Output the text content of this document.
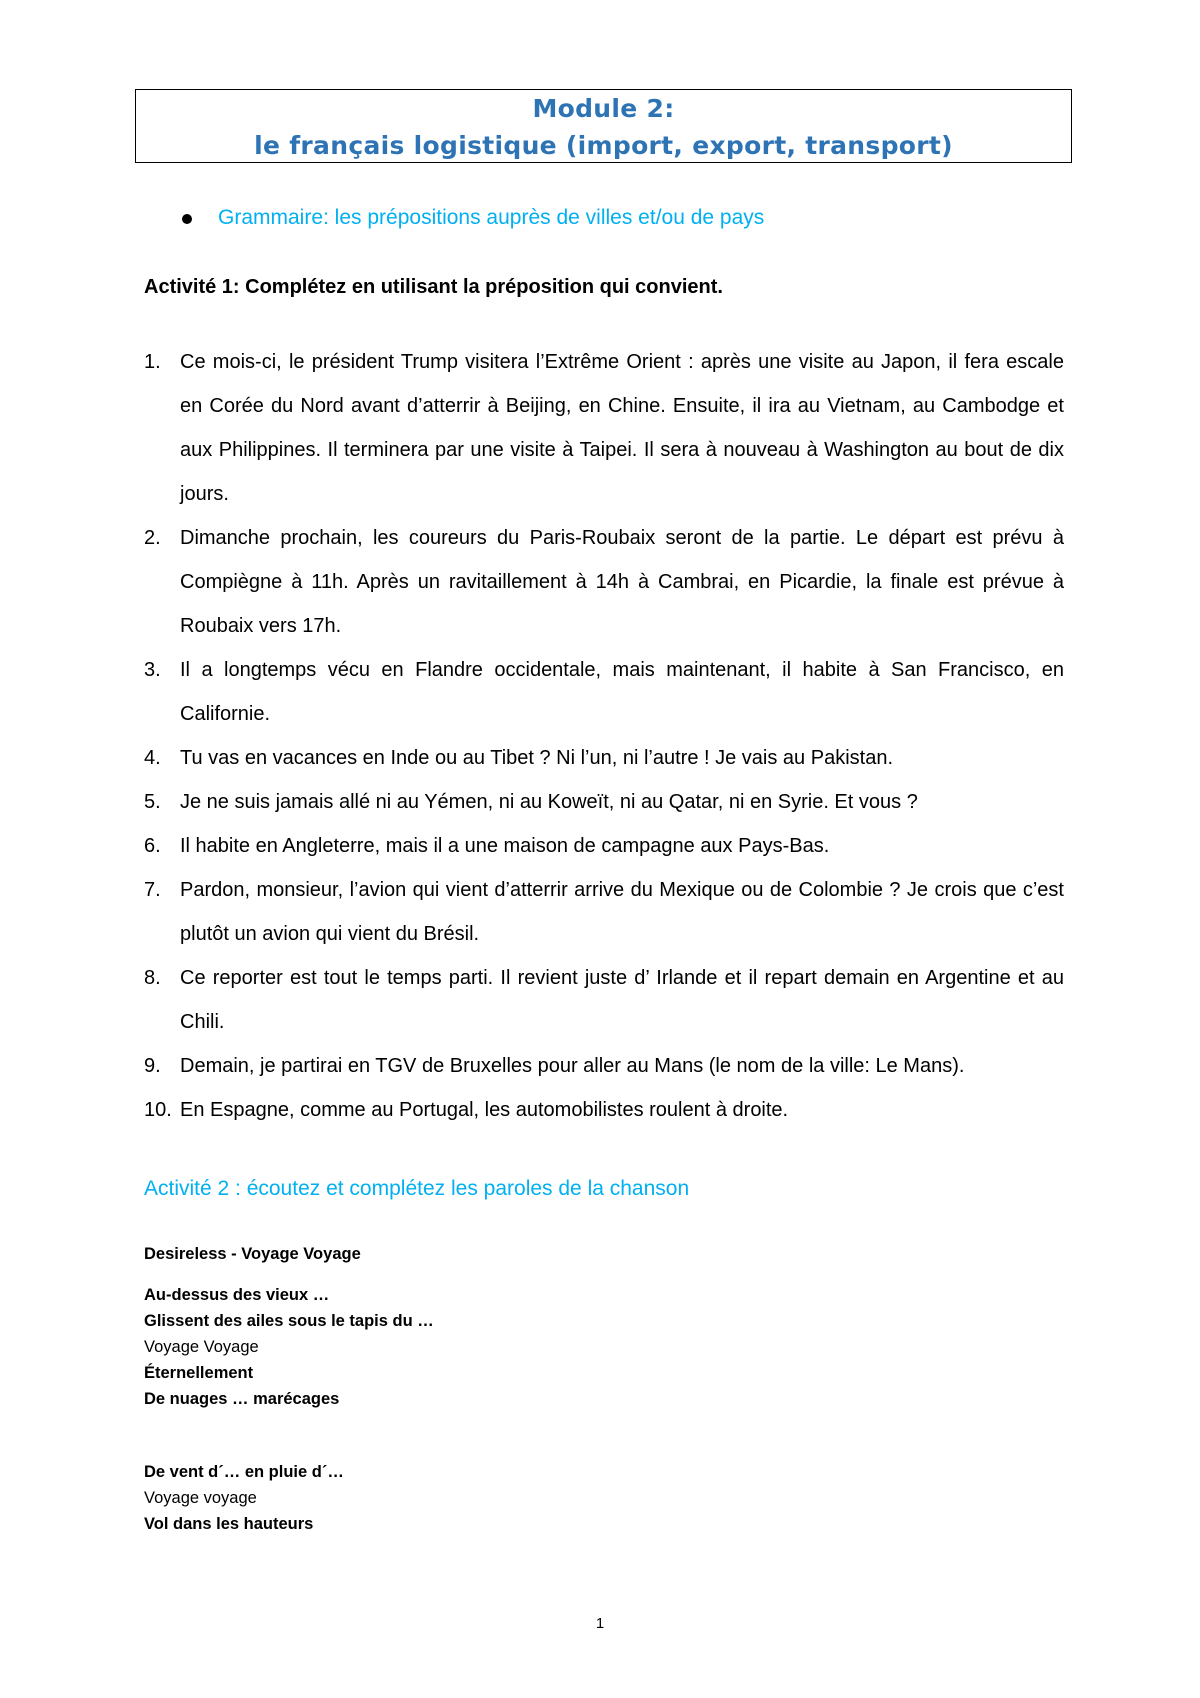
Module 2:
le français logistique (import, export, transport)
Grammaire: les prépositions auprès de villes et/ou de pays
Activité 1: Complétez en utilisant la préposition qui convient.
1. Ce mois-ci, le président Trump visitera l’Extrême Orient : après une visite au Japon, il fera escale en Corée du Nord avant d’atterrir à Beijing, en Chine. Ensuite, il ira au Vietnam, au Cambodge et aux Philippines. Il terminera par une visite à Taipei. Il sera à nouveau à Washington au bout de dix jours.
2. Dimanche prochain, les coureurs du Paris-Roubaix seront de la partie. Le départ est prévu à Compiègne à 11h. Après un ravitaillement à 14h à Cambrai, en Picardie, la finale est prévue à Roubaix vers 17h.
3. Il a longtemps vécu en Flandre occidentale, mais maintenant, il habite à San Francisco, en Californie.
4. Tu vas en vacances en Inde ou au Tibet ? Ni l’un, ni l’autre ! Je vais au Pakistan.
5. Je ne suis jamais allé ni au Yémen, ni au Koweït, ni au Qatar, ni en Syrie. Et vous ?
6. Il habite en Angleterre, mais il a une maison de campagne aux Pays-Bas.
7. Pardon, monsieur, l’avion qui vient d’atterrir arrive du Mexique ou de Colombie ? Je crois que c’est plutôt un avion qui vient du Brésil.
8. Ce reporter est tout le temps parti. Il revient juste d’ Irlande et il repart demain en Argentine et au Chili.
9. Demain, je partirai en TGV de Bruxelles pour aller au Mans (le nom de la ville: Le Mans).
10. En Espagne, comme au Portugal, les automobilistes roulent à droite.
Activité 2 : écoutez et complétez les paroles de la chanson
Desireless - Voyage Voyage
Au-dessus des vieux …
Glissent des ailes sous le tapis du …
Voyage Voyage
Éternellement
De nuages … marécages
De vent d´… en pluie d´…
Voyage voyage
Vol dans les hauteurs
1
